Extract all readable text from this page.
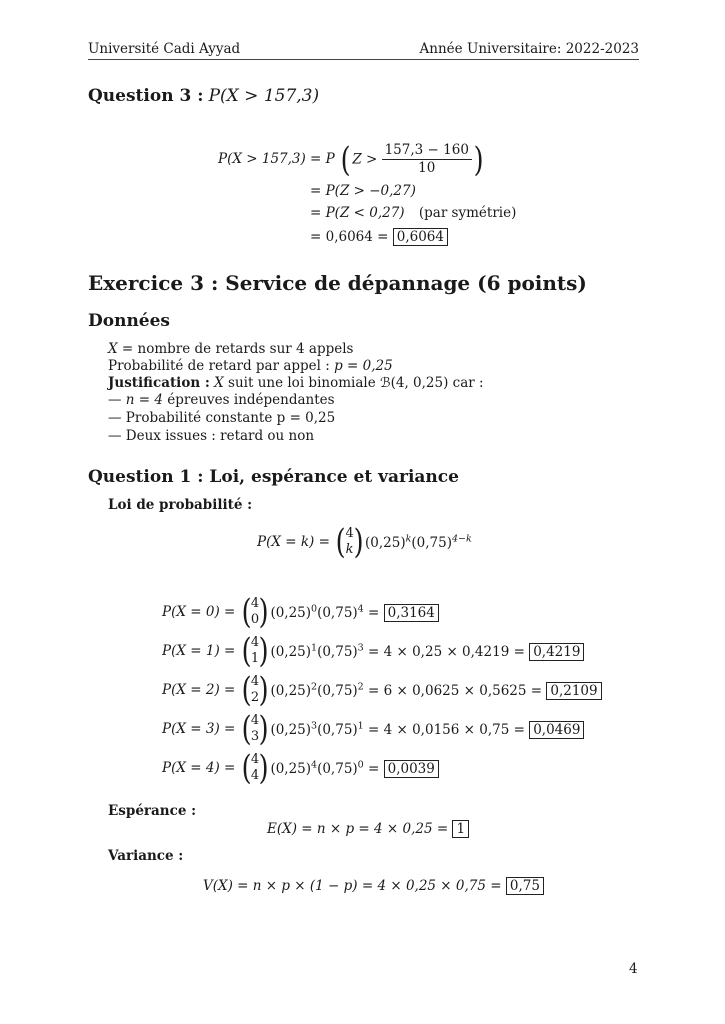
Université Cadi Ayyad	Année Universitaire: 2022-2023
Question 3 : P(X > 157,3)
P(X > 157,3) = P ( $Z > \frac{157,3 - 160}{10}$ )
= P(Z > −0,27)
= P(Z < 0,27) (par symétrie)
= 0,6064 = 0,6064
Exercice 3 : Service de dépannage (6 points)
Données
X = nombre de retards sur 4 appels
Probabilité de retard par appel : p = 0,25
Justification : X suit une loi binomiale ℬ(4, 0,25) car :
— n = 4 épreuves indépendantes
— Probabilité constante p = 0,25
— Deux issues : retard ou non
Question 1 : Loi, espérance et variance
Loi de probabilité :
P(X = k) = ( 4
k ) $(0,25)^k(0,75)^{4-k}$
P(X = 0) = ( 4
0 ) $(0,25)^0(0,75)^4 = 0,3164$
P(X = 1) = ( 4
1 ) $(0,25)^1(0,75)^3 = 4 \times 0,25 \times 0,4219 = 0,4219$
P(X = 2) = ( 4
2 ) $(0,25)^2(0,75)^2 = 6 \times 0,0625 \times 0,5625 = 0,2109$
P(X = 3) = ( 4
3 ) $(0,25)^3(0,75)^1 = 4 \times 0,0156 \times 0,75 = 0,0469$
P(X = 4) = ( 4
4 ) $(0,25)^4(0,75)^0 = 0,0039$
Espérance :
E(X) = n × p = 4 × 0,25 = 1
Variance :
V(X) = n × p × (1 − p) = 4 × 0,25 × 0,75 = 0,75
4
